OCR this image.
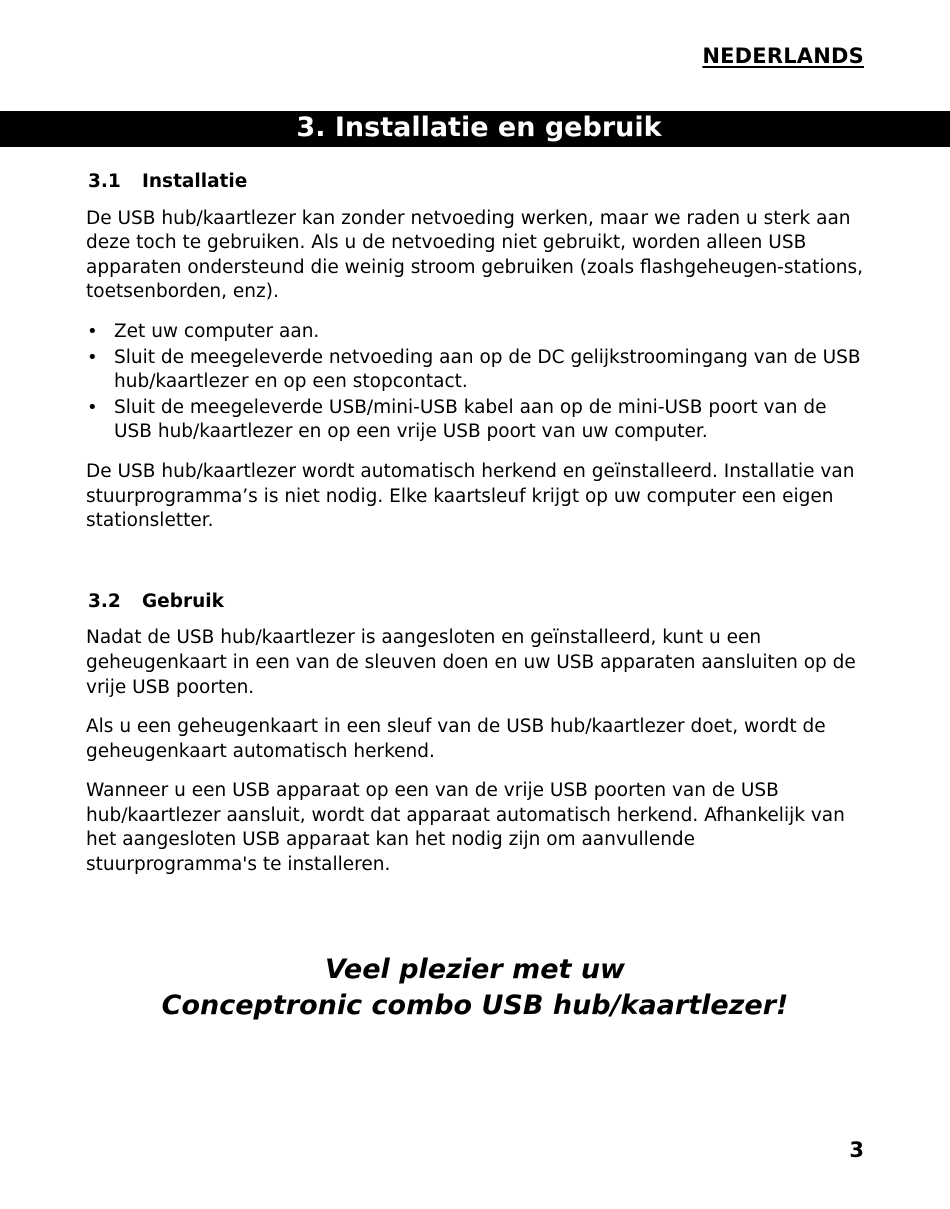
NEDERLANDS
3. Installatie en gebruik
3.1	Installatie

De USB hub/kaartlezer kan zonder netvoeding werken, maar we raden u sterk aan deze toch te gebruiken. Als u de netvoeding niet gebruikt, worden alleen USB apparaten ondersteund die weinig stroom gebruiken (zoals flashgeheugen-stations, toetsenborden, enz).

• Zet uw computer aan.
• Sluit de meegeleverde netvoeding aan op de DC gelijkstroomingang van de USB hub/kaartlezer en op een stopcontact.
• Sluit de meegeleverde USB/mini-USB kabel aan op de mini-USB poort van de USB hub/kaartlezer en op een vrije USB poort van uw computer.

De USB hub/kaartlezer wordt automatisch herkend en geïnstalleerd. Installatie van stuurprogramma’s is niet nodig. Elke kaartsleuf krijgt op uw computer een eigen stationsletter.

3.2	Gebruik

Nadat de USB hub/kaartlezer is aangesloten en geïnstalleerd, kunt u een geheugenkaart in een van de sleuven doen en uw USB apparaten aansluiten op de vrije USB poorten.

Als u een geheugenkaart in een sleuf van de USB hub/kaartlezer doet, wordt de geheugenkaart automatisch herkend.

Wanneer u een USB apparaat op een van de vrije USB poorten van de USB hub/kaartlezer aansluit, wordt dat apparaat automatisch herkend. Afhankelijk van het aangesloten USB apparaat kan het nodig zijn om aanvullende stuurprogramma's te installeren.

Veel plezier met uw
Conceptronic combo USB hub/kaartlezer!
3
